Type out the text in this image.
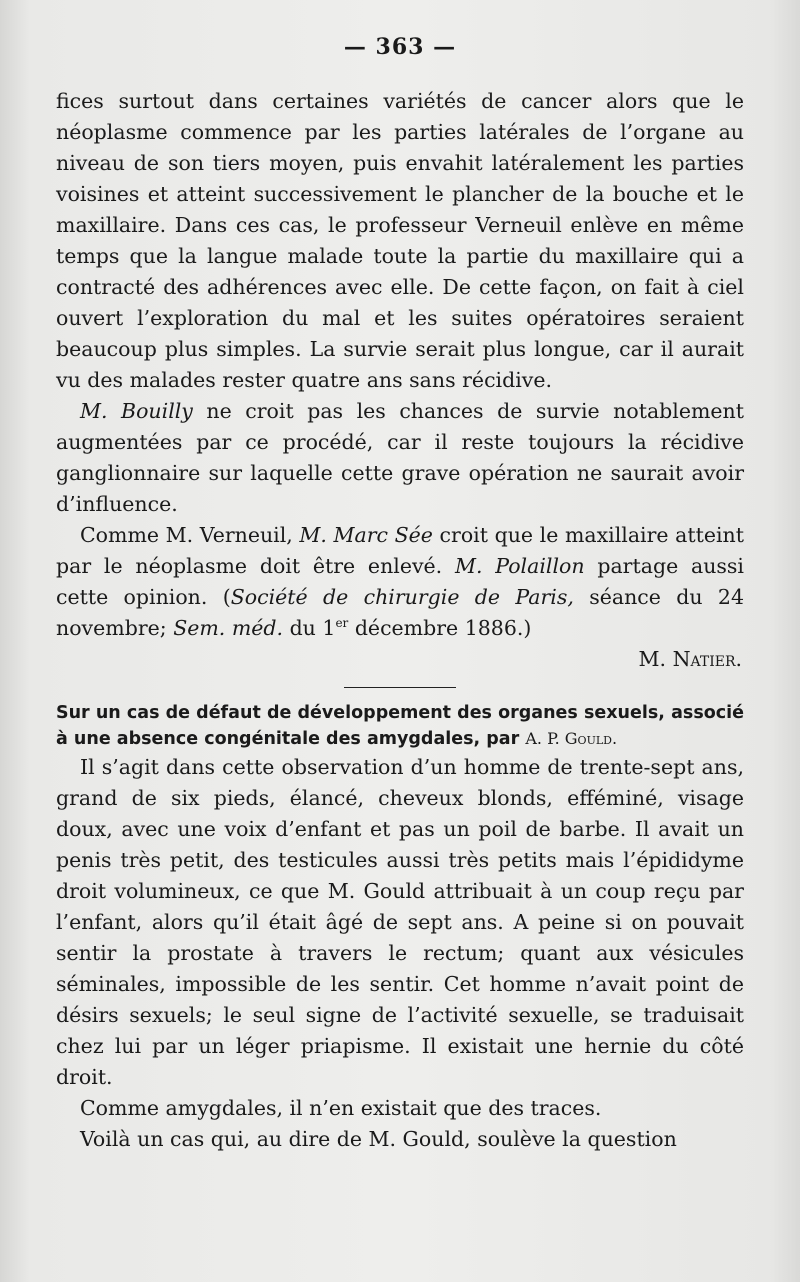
— 363 —

fices surtout dans certaines variétés de cancer alors que le néoplasme commence par les parties latérales de l’organe au niveau de son tiers moyen, puis envahit latéralement les parties voisines et atteint successivement le plancher de la bouche et le maxillaire. Dans ces cas, le professeur Verneuil enlève en même temps que la langue malade toute la partie du maxillaire qui a contracté des adhérences avec elle. De cette façon, on fait à ciel ouvert l’exploration du mal et les suites opératoires seraient beaucoup plus simples. La survie serait plus longue, car il aurait vu des malades rester quatre ans sans récidive.

M. Bouilly ne croit pas les chances de survie notablement augmentées par ce procédé, car il reste toujours la récidive ganglionnaire sur laquelle cette grave opération ne saurait avoir d’influence.

Comme M. Verneuil, M. Marc Sée croit que le maxillaire atteint par le néoplasme doit être enlevé. M. Polaillon partage aussi cette opinion. (Société de chirurgie de Paris, séance du 24 novembre; Sem. méd. du 1er décembre 1886.)

M. Natier.

Sur un cas de défaut de développement des organes sexuels, associé à une absence congénitale des amygdales, par A. P. Gould.

Il s’agit dans cette observation d’un homme de trente-sept ans, grand de six pieds, élancé, cheveux blonds, efféminé, visage doux, avec une voix d’enfant et pas un poil de barbe. Il avait un penis très petit, des testicules aussi très petits mais l’épididyme droit volumineux, ce que M. Gould attribuait à un coup reçu par l’enfant, alors qu’il était âgé de sept ans. A peine si on pouvait sentir la prostate à travers le rectum; quant aux vésicules séminales, impossible de les sentir. Cet homme n’avait point de désirs sexuels; le seul signe de l’activité sexuelle, se traduisait chez lui par un léger priapisme. Il existait une hernie du côté droit.

Comme amygdales, il n’en existait que des traces.

Voilà un cas qui, au dire de M. Gould, soulève la question
